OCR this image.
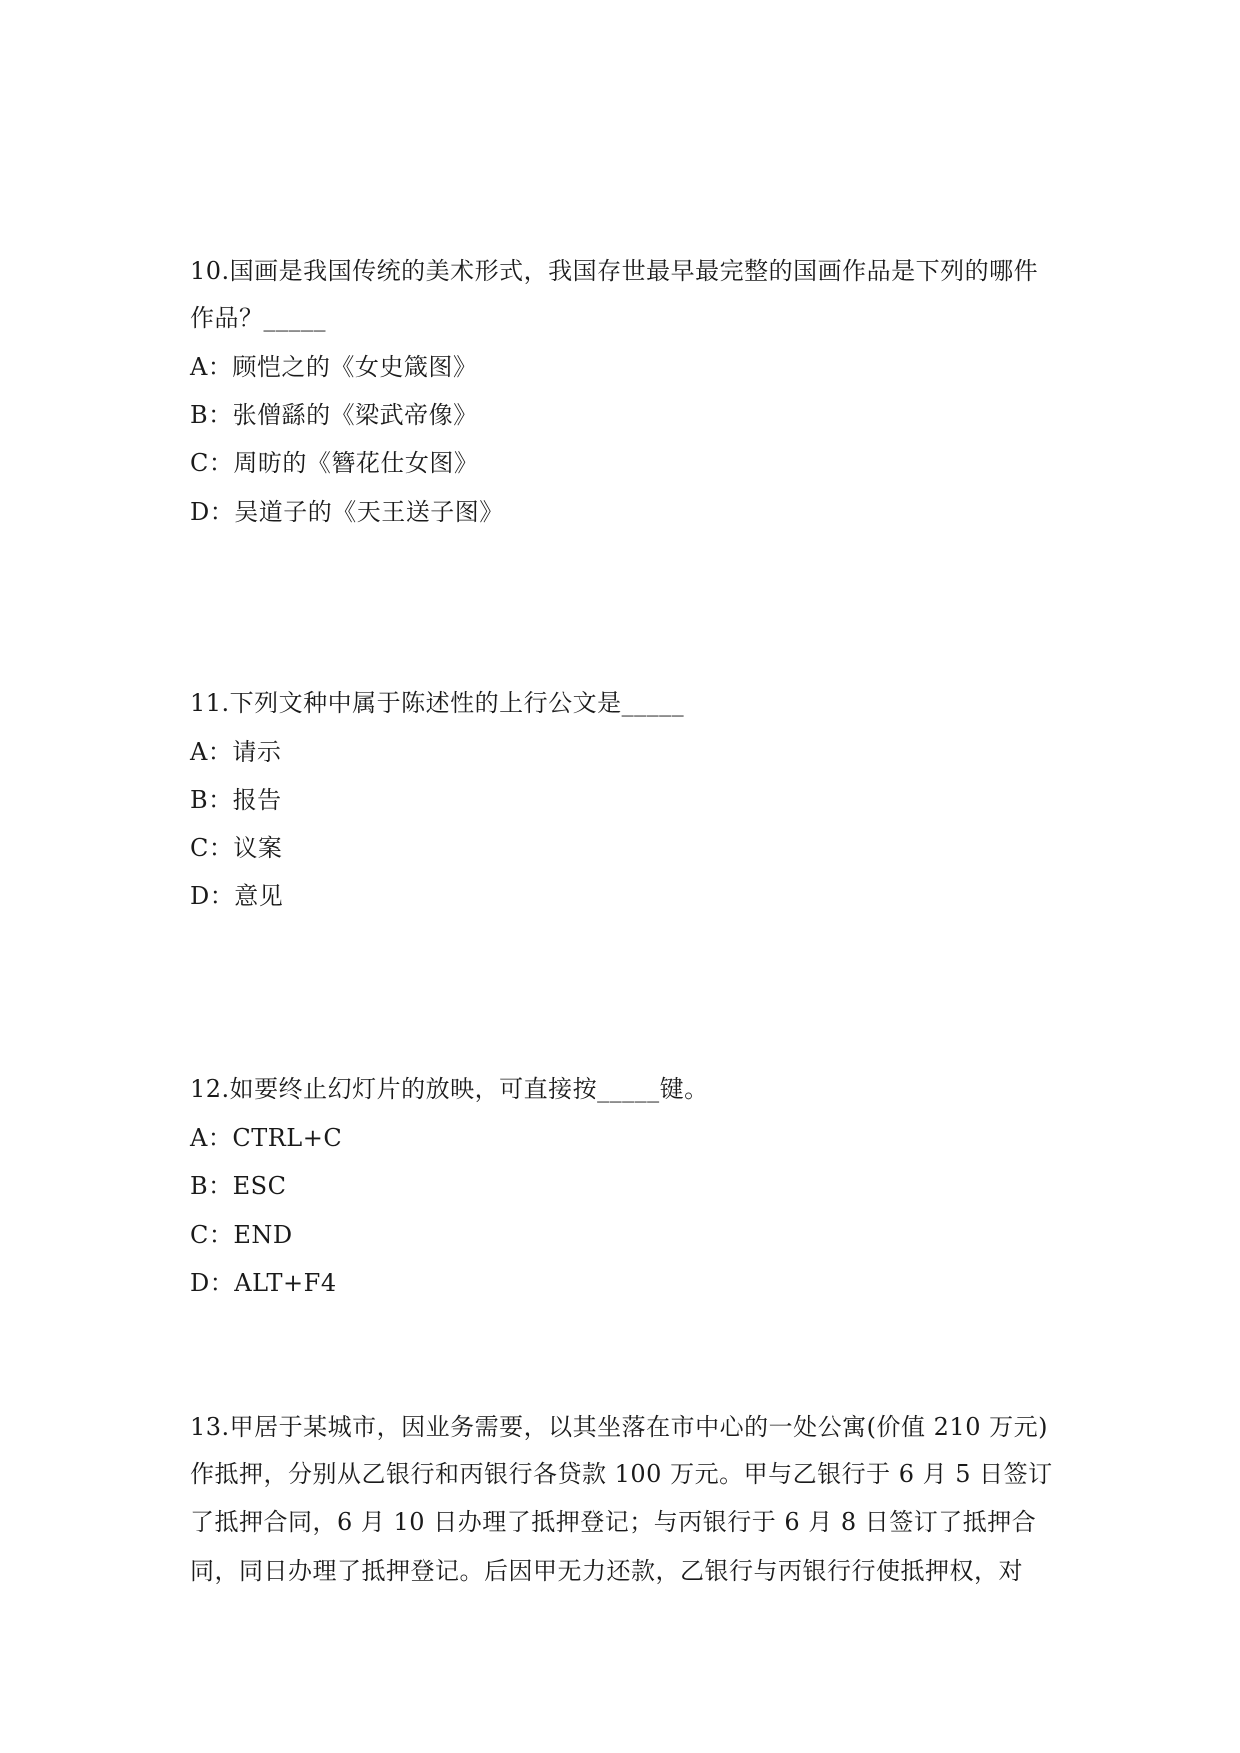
10.国画是我国传统的美术形式，我国存世最早最完整的国画作品是下列的哪件
作品？_____
A：顾恺之的《女史箴图》
B：张僧繇的《梁武帝像》
C：周昉的《簪花仕女图》
D：吴道子的《天王送子图》
11.下列文种中属于陈述性的上行公文是_____
A：请示
B：报告
C：议案
D：意见
12.如要终止幻灯片的放映，可直接按_____键。
A：CTRL+C
B：ESC
C：END
D：ALT+F4
13.甲居于某城市，因业务需要，以其坐落在市中心的一处公寓(价值 210 万元)
作抵押，分别从乙银行和丙银行各贷款 100 万元。甲与乙银行于 6 月 5 日签订
了抵押合同，6 月 10 日办理了抵押登记；与丙银行于 6 月 8 日签订了抵押合
同，同日办理了抵押登记。后因甲无力还款，乙银行与丙银行行使抵押权，对
